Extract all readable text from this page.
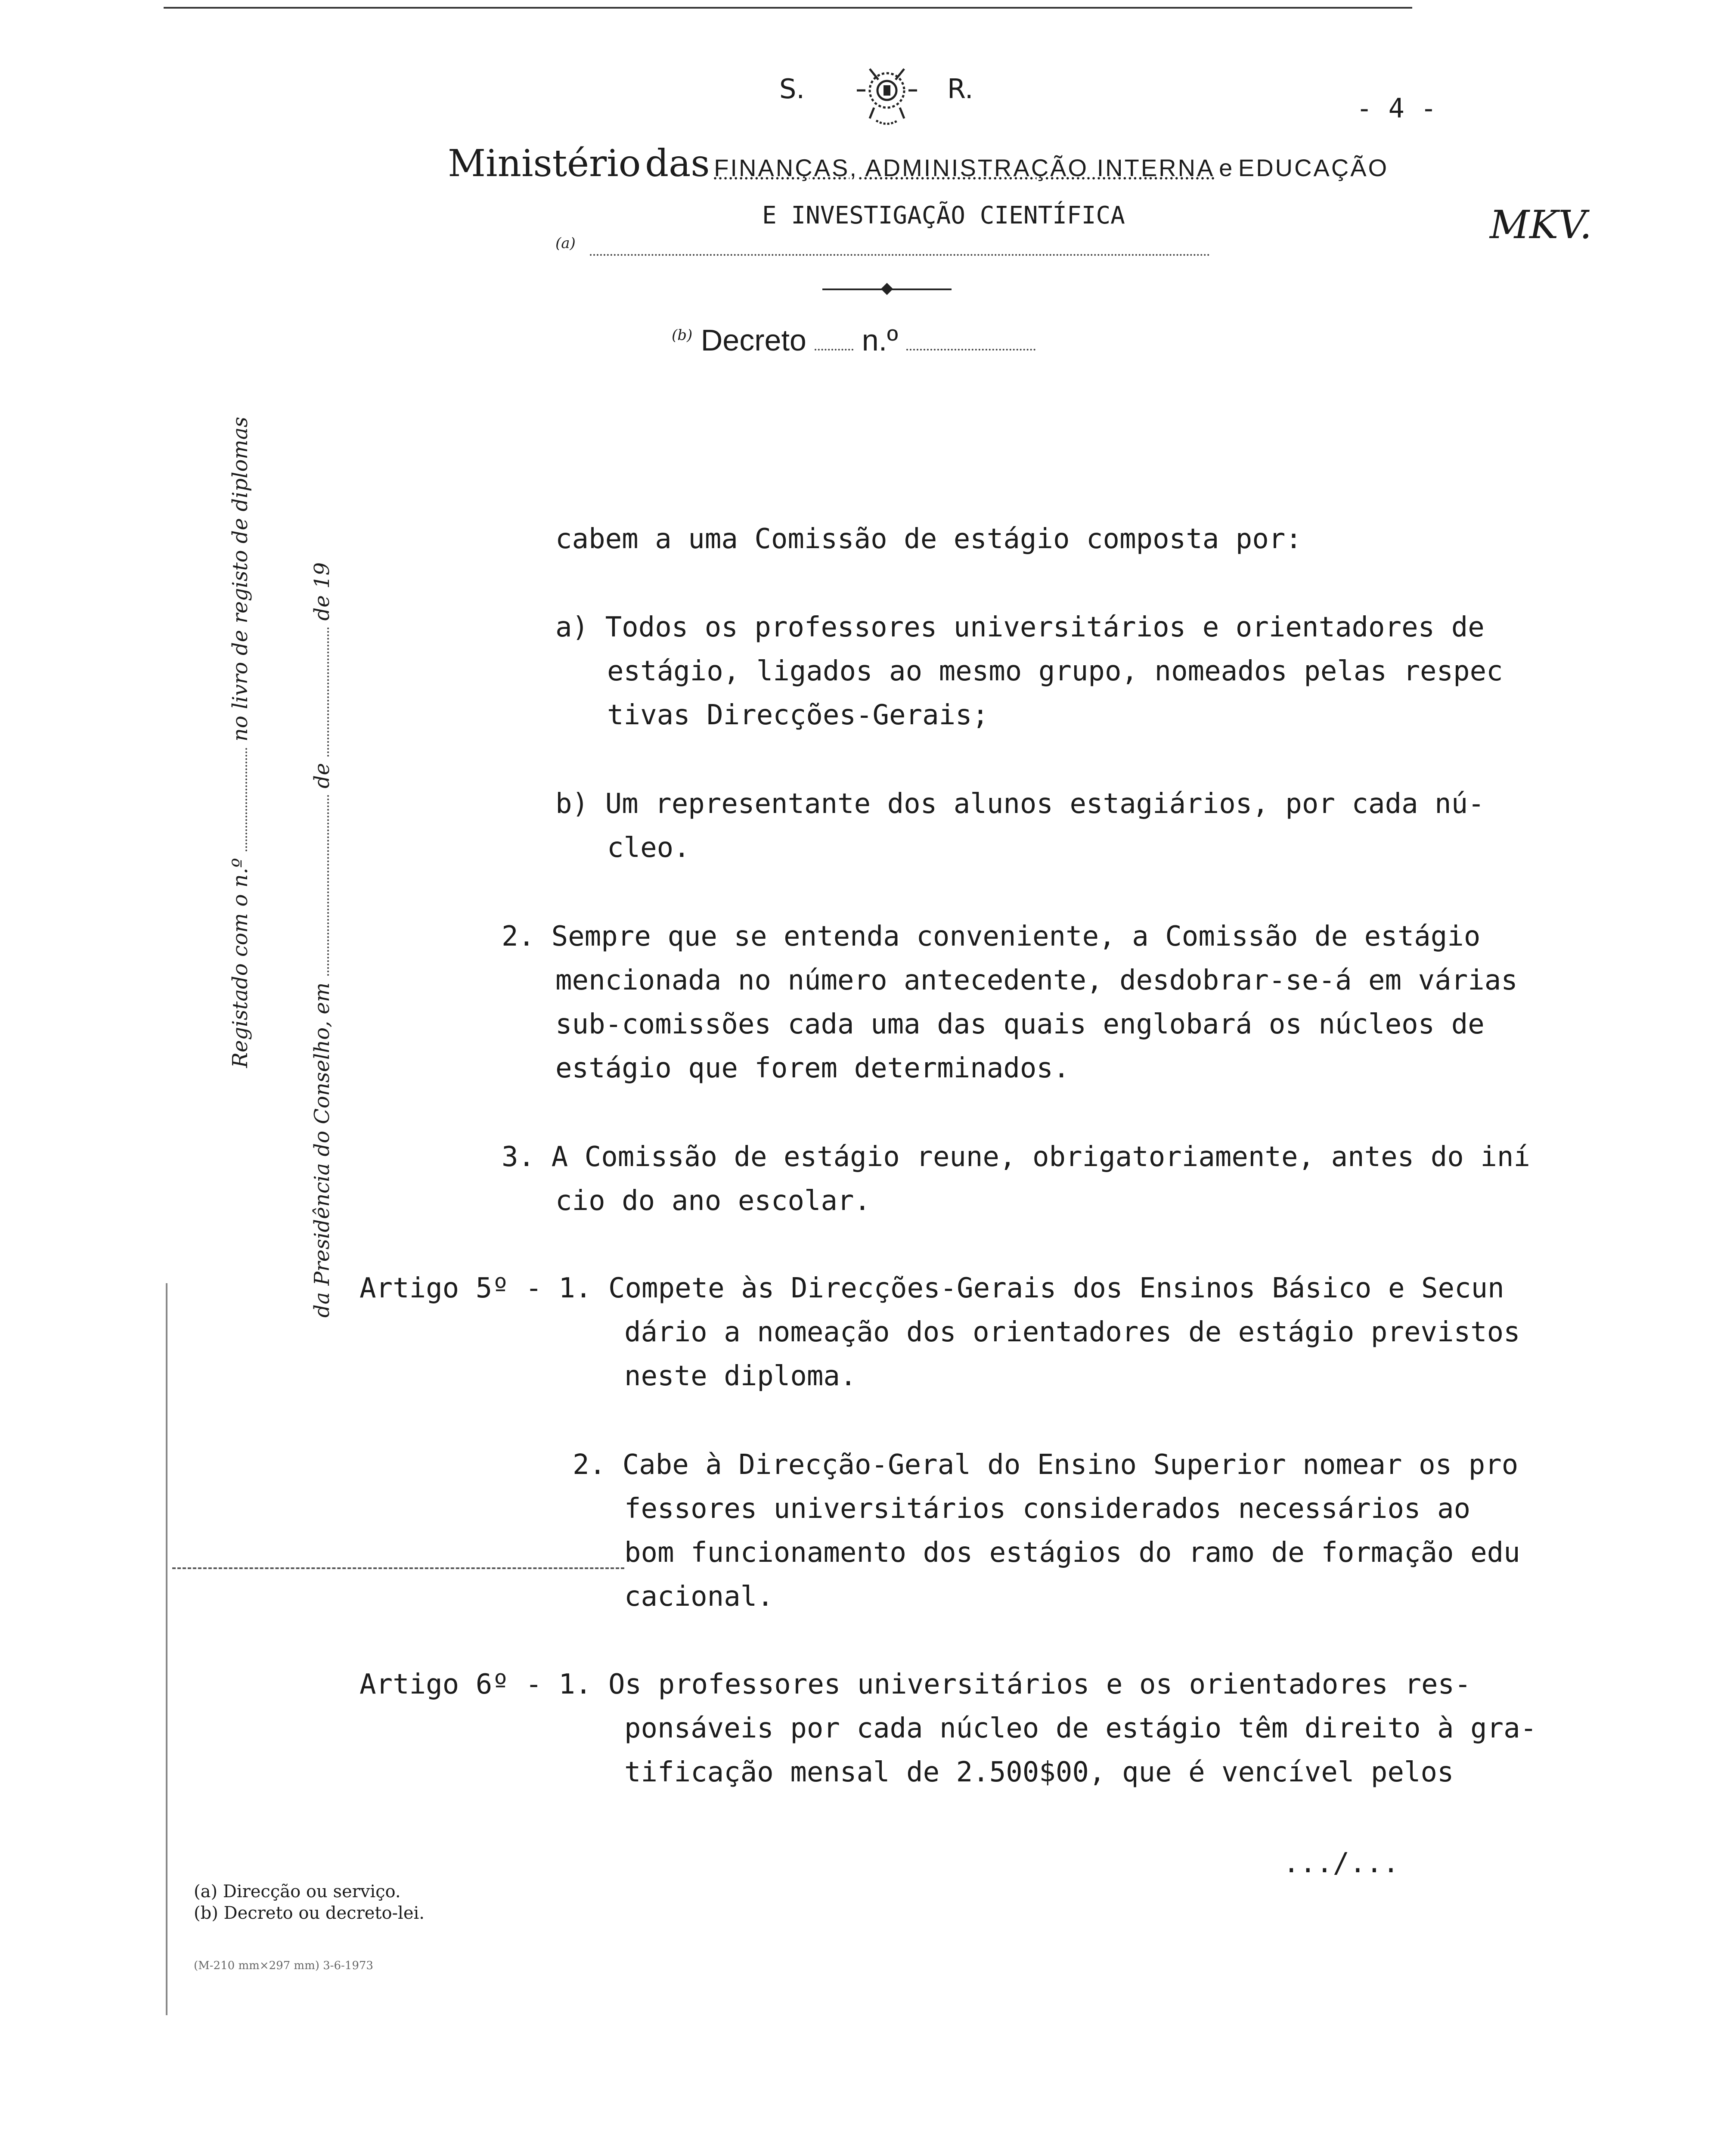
S.	R.
- 4 -
Ministério das FINANÇAS, ADMINISTRAÇÃO INTERNA e EDUCAÇÃO
E INVESTIGAÇÃO CIENTÍFICA
(a)	MKV.
$^{(b)}$ Decreto n.º
Registado com o n.º  no livro de registo de diplomas
da Presidência do Conselho, em  de  de 19
cabem a uma Comissão de estágio composta por:
a) Todos os professores universitários e orientadores de
estágio, ligados ao mesmo grupo, nomeados pelas respec
tivas Direcções-Gerais;
b) Um representante dos alunos estagiários, por cada nú-
cleo.
2. Sempre que se entenda conveniente, a Comissão de estágio
mencionada no número antecedente, desdobrar-se-á em várias
sub-comissões cada uma das quais englobará os núcleos de
estágio que forem determinados.
3. A Comissão de estágio reune, obrigatoriamente, antes do iní
cio do ano escolar.
Artigo 5º - 1. Compete às Direcções-Gerais dos Ensinos Básico e Secun
dário a nomeação dos orientadores de estágio previstos
neste diploma.
2. Cabe à Direcção-Geral do Ensino Superior nomear os pro
fessores universitários considerados necessários ao
bom funcionamento dos estágios do ramo de formação edu
cacional.
Artigo 6º - 1. Os professores universitários e os orientadores res-
ponsáveis por cada núcleo de estágio têm direito à gra-
tificação mensal de 2.500$00, que é vencível pelos
.../...
(a) Direcção ou serviço.
(b) Decreto ou decreto-lei.
(M-210 mm×297 mm) 3-6-1973
